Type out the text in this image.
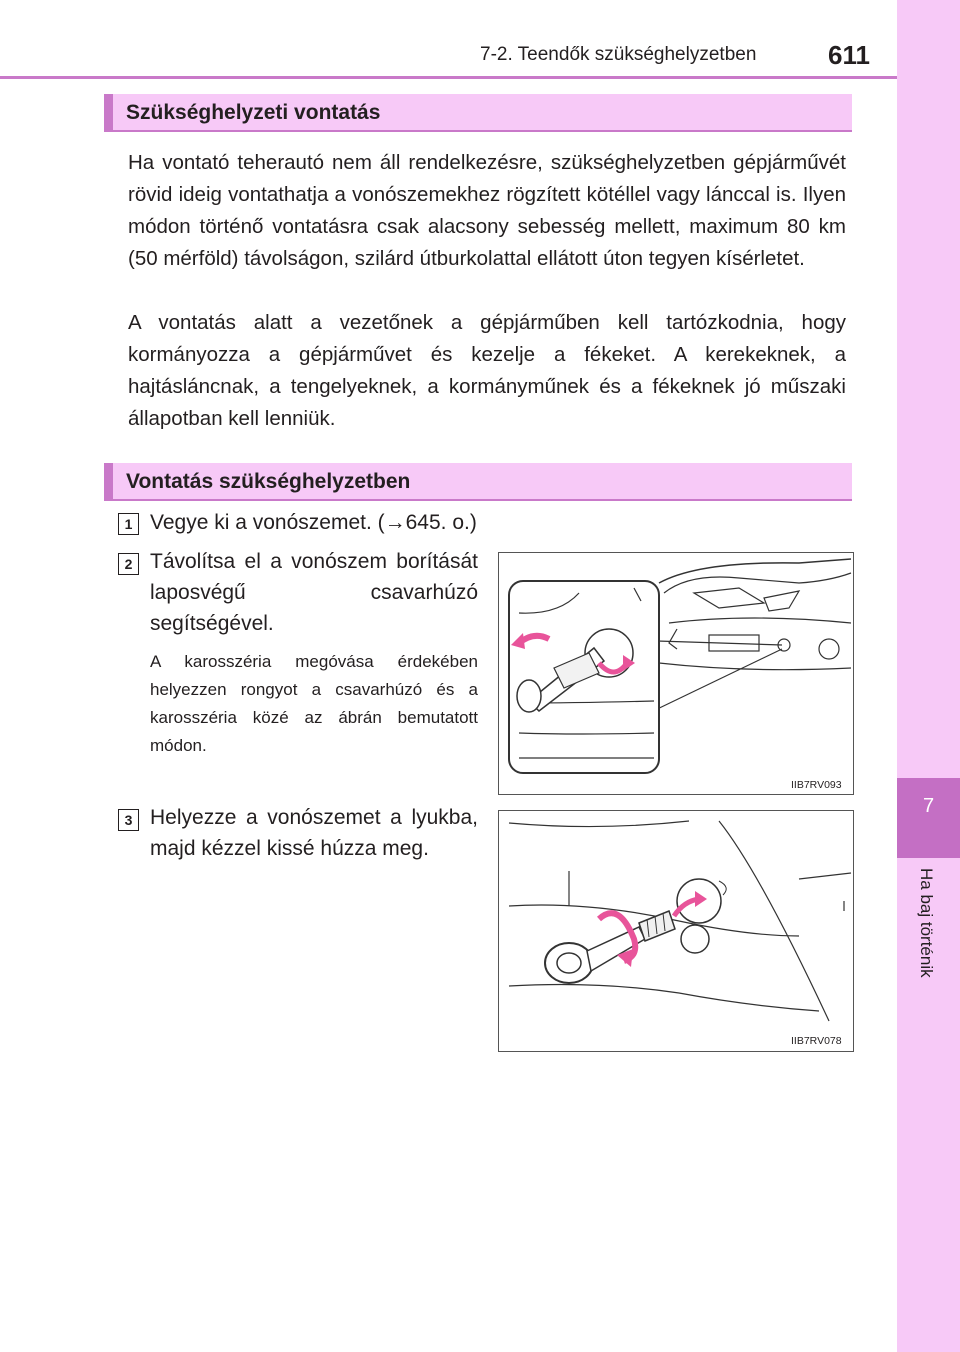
7-2. Teendők szükséghelyzetben	611
7
Ha baj történik
Szükséghelyzeti vontatás

Ha vontató teherautó nem áll rendelkezésre, szükséghelyzetben gépjárművét rövid ideig vontathatja a vonószemekhez rögzített kötéllel vagy lánccal is. Ilyen módon történő vontatásra csak alacsony sebesség mellett, maximum 80 km (50 mérföld) távolságon, szilárd útburkolattal ellátott úton tegyen kísérletet.

A vontatás alatt a vezetőnek a gépjárműben kell tartózkodnia, hogy kormányozza a gépjárművet és kezelje a fékeket. A kerekeknek, a hajtásláncnak, a tengelyeknek, a kormányműnek és a fékeknek jó műszaki állapotban kell lenniük.

Vontatás szükséghelyzetben
1 Vegye ki a vonószemet. (→645. o.)

2 Távolítsa el a vonószem borítását laposvégű csavarhúzó segítségével.

A karosszéria megóvása érdekében helyezzen rongyot a csavarhúzó és a karosszéria közé az ábrán bemutatott módon.

IIB7RV093
3 Helyezze a vonószemet a lyukba, majd kézzel kissé húzza meg.

IIB7RV078
